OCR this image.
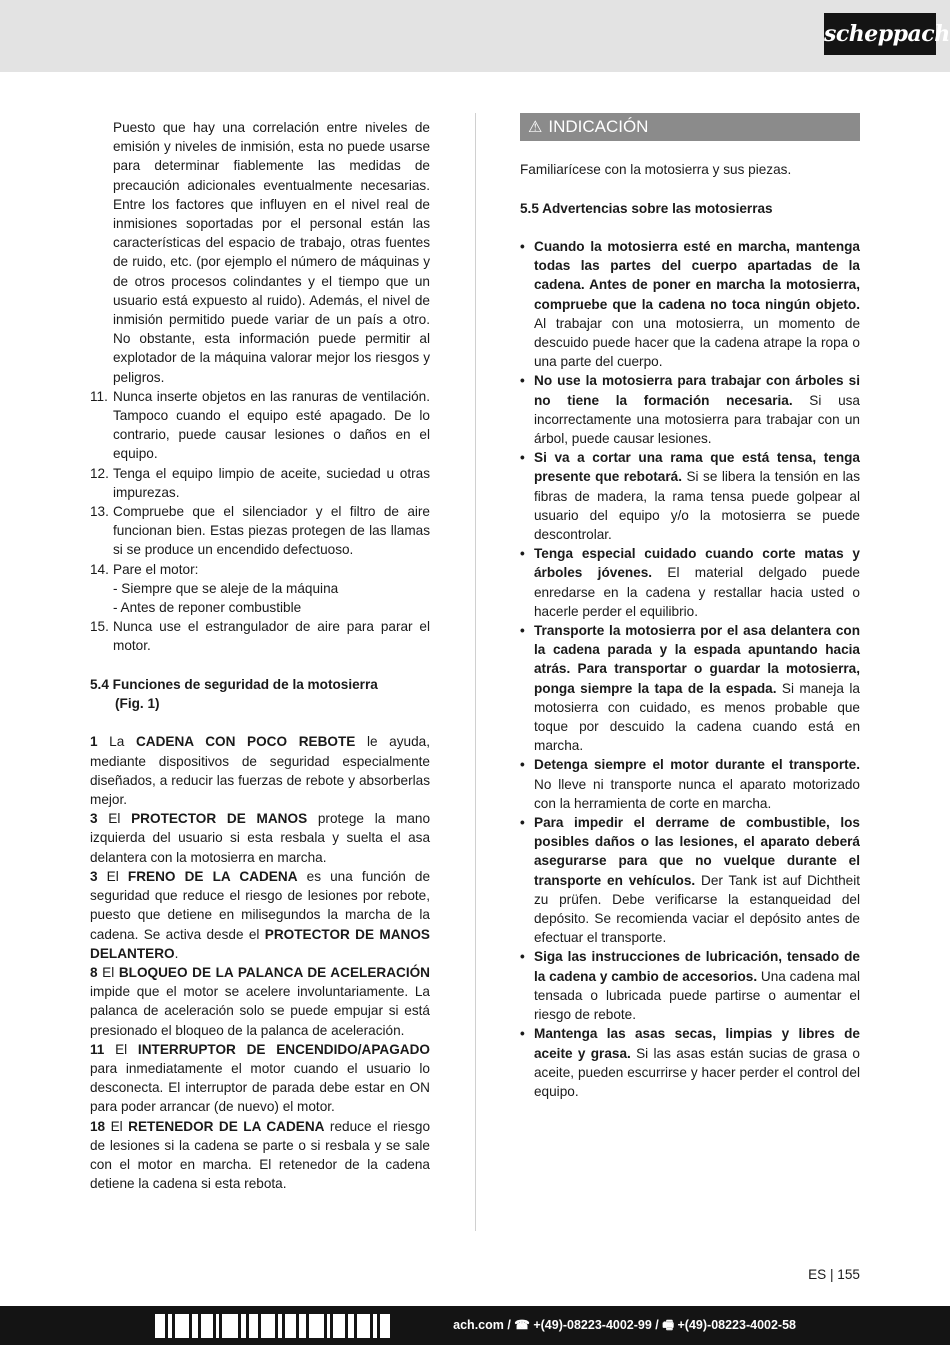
scheppach

Puesto que hay una correlación entre niveles de emisión y niveles de inmisión, esta no puede usarse para determinar fiablemente las medidas de precaución adicionales eventualmente necesarias. Entre los factores que influyen en el nivel real de inmisiones soportadas por el personal están las características del espacio de trabajo, otras fuentes de ruido, etc. (por ejemplo el número de máquinas y de otros procesos colindantes y el tiempo que un usuario está expuesto al ruido). Además, el nivel de inmisión permitido puede variar de un país a otro. No obstante, esta información puede permitir al explotador de la máquina valorar mejor los riesgos y peligros.

11. Nunca inserte objetos en las ranuras de ventilación. Tampoco cuando el equipo esté apagado. De lo contrario, puede causar lesiones o daños en el equipo.
12. Tenga el equipo limpio de aceite, suciedad u otras impurezas.
13. Compruebe que el silenciador y el filtro de aire funcionan bien. Estas piezas protegen de las llamas si se produce un encendido defectuoso.
14. Pare el motor:
- Siempre que se aleje de la máquina
- Antes de reponer combustible
15. Nunca use el estrangulador de aire para parar el motor.
5.4 Funciones de seguridad de la motosierra
(Fig. 1)

1 La CADENA CON POCO REBOTE le ayuda, mediante dispositivos de seguridad especialmente diseñados, a reducir las fuerzas de rebote y absorberlas mejor.

3 El PROTECTOR DE MANOS protege la mano izquierda del usuario si esta resbala y suelta el asa delantera con la motosierra en marcha.

3 El FRENO DE LA CADENA es una función de seguridad que reduce el riesgo de lesiones por rebote, puesto que detiene en milisegundos la marcha de la cadena. Se activa desde el PROTECTOR DE MANOS DELANTERO.

8 El BLOQUEO DE LA PALANCA DE ACELERACIÓN impide que el motor se acelere involuntariamente. La palanca de aceleración solo se puede empujar si está presionado el bloqueo de la palanca de aceleración.

11 El INTERRUPTOR DE ENCENDIDO/APAGADO para inmediatamente el motor cuando el usuario lo desconecta. El interruptor de parada debe estar en ON para poder arrancar (de nuevo) el motor.

18 El RETENEDOR DE LA CADENA reduce el riesgo de lesiones si la cadena se parte o si resbala y se sale con el motor en marcha. El retenedor de la cadena detiene la cadena si esta rebota.

⚠ INDICACIÓN

Familiarícese con la motosierra y sus piezas.

5.5 Advertencias sobre las motosierras
• Cuando la motosierra esté en marcha, mantenga todas las partes del cuerpo apartadas de la cadena. Antes de poner en marcha la motosierra, compruebe que la cadena no toca ningún objeto. Al trabajar con una motosierra, un momento de descuido puede hacer que la cadena atrape la ropa o una parte del cuerpo.
• No use la motosierra para trabajar con árboles si no tiene la formación necesaria. Si usa incorrectamente una motosierra para trabajar con un árbol, puede causar lesiones.
• Si va a cortar una rama que está tensa, tenga presente que rebotará. Si se libera la tensión en las fibras de madera, la rama tensa puede golpear al usuario del equipo y/o la motosierra se puede descontrolar.
• Tenga especial cuidado cuando corte matas y árboles jóvenes. El material delgado puede enredarse en la cadena y restallar hacia usted o hacerle perder el equilibrio.
• Transporte la motosierra por el asa delantera con la cadena parada y la espada apuntando hacia atrás. Para transportar o guardar la motosierra, ponga siempre la tapa de la espada. Si maneja la motosierra con cuidado, es menos probable que toque por descuido la cadena cuando está en marcha.
• Detenga siempre el motor durante el transporte. No lleve ni transporte nunca el aparato motorizado con la herramienta de corte en marcha.
• Para impedir el derrame de combustible, los posibles daños o las lesiones, el aparato deberá asegurarse para que no vuelque durante el transporte en vehículos. Der Tank ist auf Dichtheit zu prüfen. Debe verificarse la estanqueidad del depósito. Se recomienda vaciar el depósito antes de efectuar el transporte.
• Siga las instrucciones de lubricación, tensado de la cadena y cambio de accesorios. Una cadena mal tensada o lubricada puede partirse o aumentar el riesgo de rebote.
• Mantenga las asas secas, limpias y libres de aceite y grasa. Si las asas están sucias de grasa o aceite, pueden escurrirse y hacer perder el control del equipo.
ES | 155
ach.com / ☎ +(49)-08223-4002-99 / 🖷 +(49)-08223-4002-58
